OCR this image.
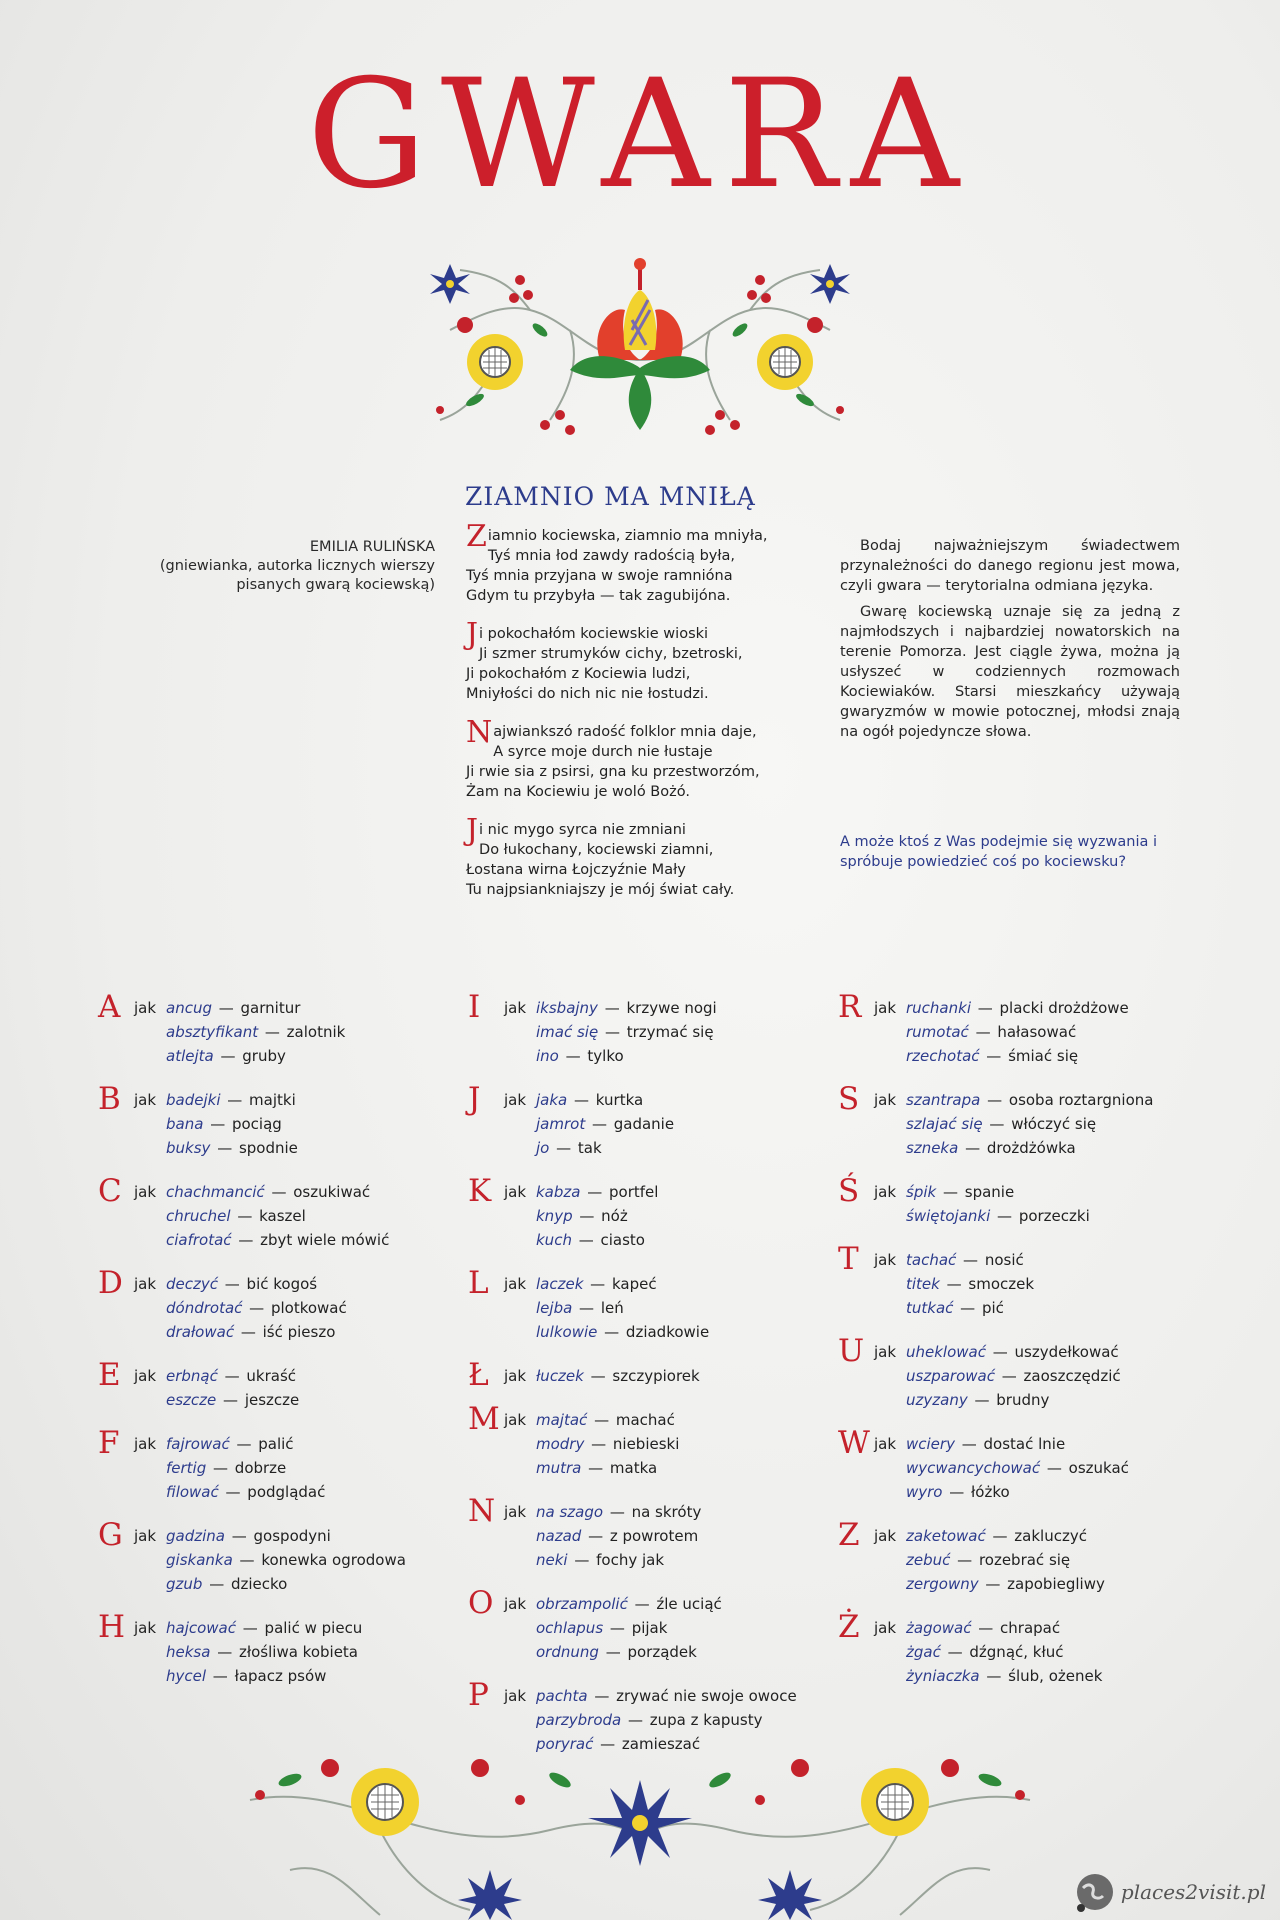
GWARA
ZIAMNIO MA MNIŁĄ
EMILIA RULIŃSKA
(gniewianka, autorka licznych wierszy
pisanych gwarą kociewską)
Z iamnio kociewska, ziamnio ma mniyła,

Tyś mnia łod zawdy radością była,

Tyś mnia przyjana w swoje ramnióna

Gdym tu przybyła — tak zagubijóna.

J i pokochałóm kociewskie wioski

Ji szmer strumyków cichy, bzetroski,

Ji pokochałóm z Kociewia ludzi,

Mniyłości do nich nic nie łostudzi.

N ajwiankszó radość folklor mnia daje,

A syrce moje durch nie łustaje

Ji rwie sia z psirsi, gna ku przestworzóm,

Żam na Kociewiu je woló Bożó.

J i nic mygo syrca nie zmniani

Do łukochany, kociewski ziamni,

Łostana wirna Łojczyźnie Mały

Tu najpsiankniajszy je mój świat cały.

Bodaj najważniejszym świadectwem przynależności do danego regionu jest mowa, czyli gwara — terytorialna odmiana języka.

Gwarę kociewską uznaje się za jedną z najmłodszych i najbardziej nowatorskich na terenie Pomorza. Jest ciągle żywa, można ją usłyszeć w codziennych rozmowach Kociewiaków. Starsi mieszkańcy używają gwaryzmów w mowie potocznej, młodsi znają na ogół pojedyncze słowa.

A może ktoś z Was podejmie się wyzwania i spróbuje powiedzieć coś po kociewsku?

A jak ancug — garnitur
absztyfikant — zalotnik
atlejta — gruby
B jak badejki — majtki
bana — pociąg
buksy — spodnie
C jak chachmancić — oszukiwać
chruchel — kaszel
ciafrotać — zbyt wiele mówić
D jak deczyć — bić kogoś
dóndrotać — plotkować
drałować — iść pieszo
E jak erbnąć — ukraść
eszcze — jeszcze
F jak fajrować — palić
fertig — dobrze
filować — podglądać
G jak gadzina — gospodyni
giskanka — konewka ogrodowa
gzub — dziecko
H jak hajcować — palić w piecu
heksa — złośliwa kobieta
hycel — łapacz psów
I jak iksbajny — krzywe nogi
imać się — trzymać się
ino — tylko
J jak jaka — kurtka
jamrot — gadanie
jo — tak
K jak kabza — portfel
knyp — nóż
kuch — ciasto
L jak laczek — kapeć
lejba — leń
lulkowie — dziadkowie
Ł jak łuczek — szczypiorek
M jak majtać — machać
modry — niebieski
mutra — matka
N jak na szago — na skróty
nazad — z powrotem
neki — fochy jak
O jak obrzampolić — źle uciąć
ochlapus — pijak
ordnung — porządek
P jak pachta — zrywać nie swoje owoce
parzybroda — zupa z kapusty
poryrać — zamieszać
R jak ruchanki — placki drożdżowe
rumotać — hałasować
rzechotać — śmiać się
S jak szantrapa — osoba roztargniona
szlajać się — włóczyć się
szneka — drożdżówka
Ś jak śpik — spanie
świętojanki — porzeczki
T jak tachać — nosić
titek — smoczek
tutkać — pić
U jak uheklować — uszydełkować
uszparować — zaoszczędzić
uzyzany — brudny
W jak wciery — dostać lnie
wycwancychować — oszukać
wyro — łóżko
Z jak zaketować — zakluczyć
zebuć — rozebrać się
zergowny — zapobiegliwy
Ż jak żagować — chrapać
żgać — dźgnąć, kłuć
żyniaczka — ślub, ożenek
places2visit.pl
